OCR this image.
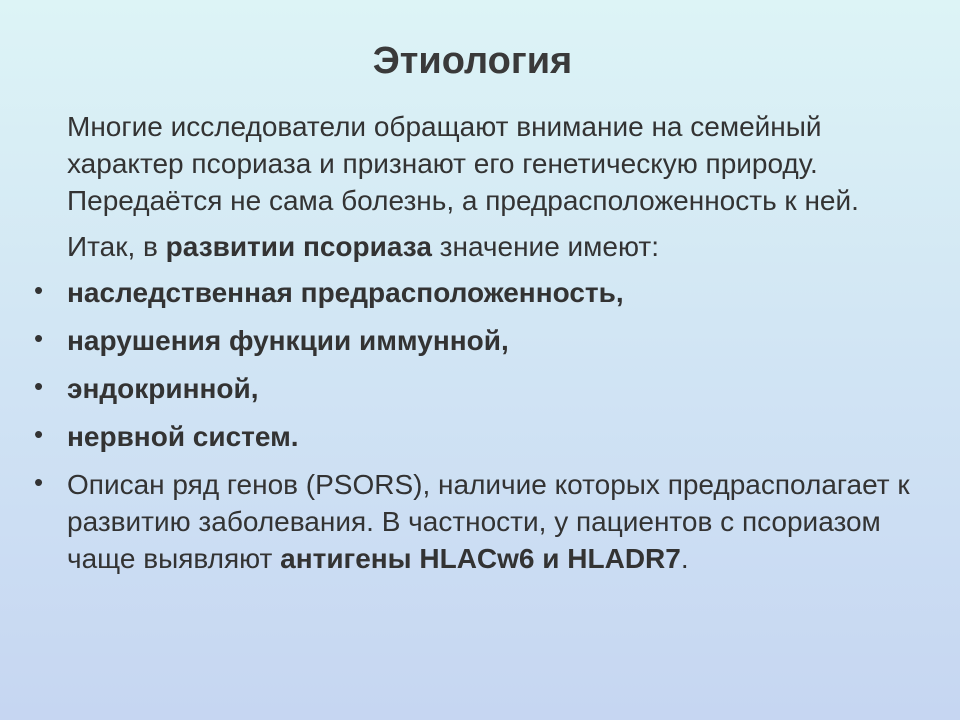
Этиология

Многие исследователи обращают внимание на семейный характер псориаза и признают его генетическую природу. Передаётся не сама болезнь, а предрасположенность к ней.

Итак, в развитии псориаза значение имеют:

• наследственная предрасположенность,
• нарушения функции иммунной,
• эндокринной,
• нервной систем.
• Описан ряд генов (PSORS), наличие которых предрасполагает к развитию заболевания. В частности, у пациентов с псориазом чаще выявляют антигены HLACw6 и HLADR7.
